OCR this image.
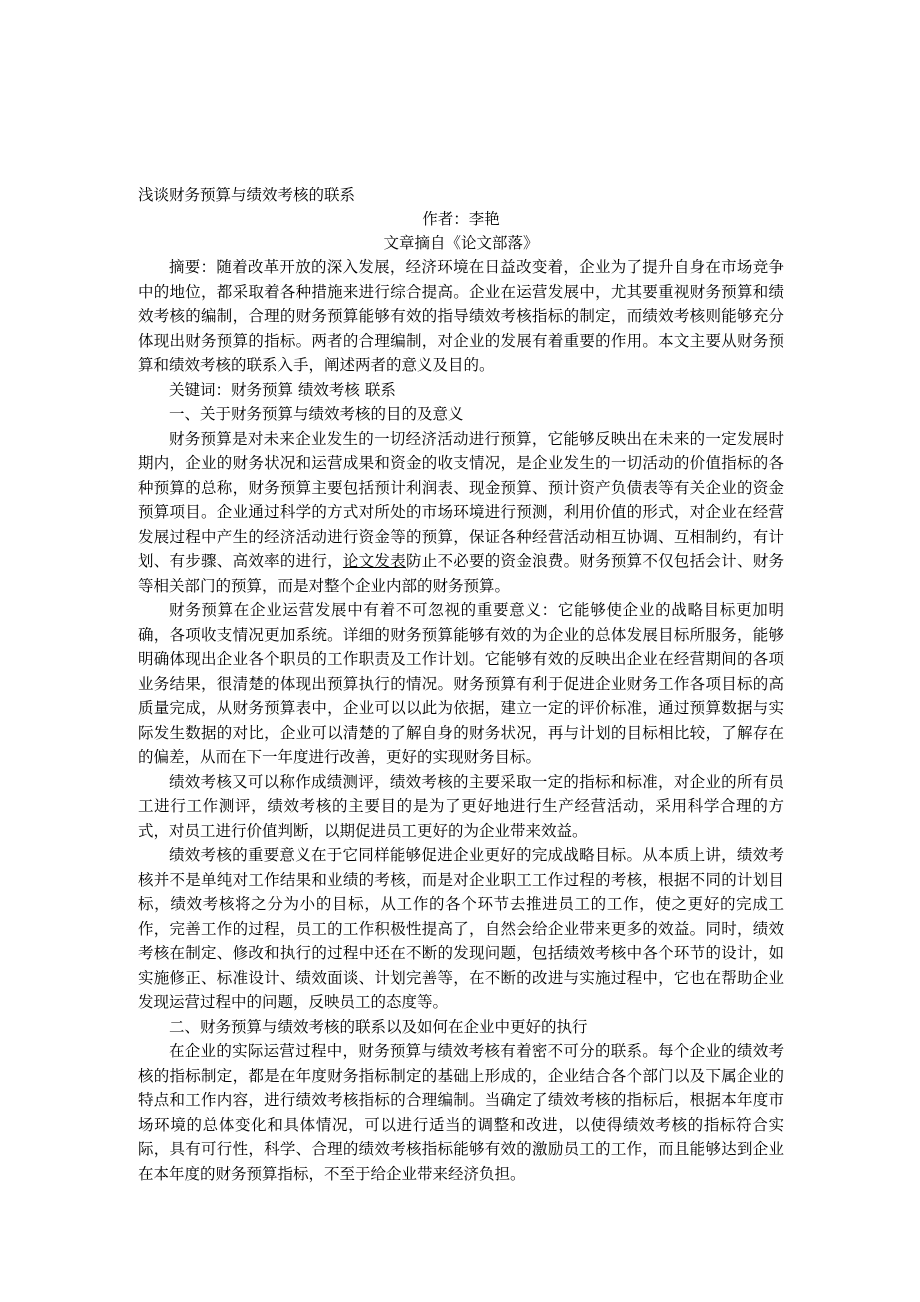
浅谈财务预算与绩效考核的联系

作者：李艳

文章摘自《论文部落》

摘要：随着改革开放的深入发展，经济环境在日益改变着，企业为了提升自身在市场竞争中的地位，都采取着各种措施来进行综合提高。企业在运营发展中，尤其要重视财务预算和绩效考核的编制，合理的财务预算能够有效的指导绩效考核指标的制定，而绩效考核则能够充分体现出财务预算的指标。两者的合理编制，对企业的发展有着重要的作用。本文主要从财务预算和绩效考核的联系入手，阐述两者的意义及目的。

关键词：财务预算 绩效考核 联系

一、关于财务预算与绩效考核的目的及意义

财务预算是对未来企业发生的一切经济活动进行预算，它能够反映出在未来的一定发展时期内，企业的财务状况和运营成果和资金的收支情况，是企业发生的一切活动的价值指标的各种预算的总称，财务预算主要包括预计利润表、现金预算、预计资产负债表等有关企业的资金预算项目。企业通过科学的方式对所处的市场环境进行预测，利用价值的形式，对企业在经营发展过程中产生的经济活动进行资金等的预算，保证各种经营活动相互协调、互相制约，有计划、有步骤、高效率的进行，论文发表防止不必要的资金浪费。财务预算不仅包括会计、财务等相关部门的预算，而是对整个企业内部的财务预算。

财务预算在企业运营发展中有着不可忽视的重要意义：它能够使企业的战略目标更加明确，各项收支情况更加系统。详细的财务预算能够有效的为企业的总体发展目标所服务，能够明确体现出企业各个职员的工作职责及工作计划。它能够有效的反映出企业在经营期间的各项业务结果，很清楚的体现出预算执行的情况。财务预算有利于促进企业财务工作各项目标的高质量完成，从财务预算表中，企业可以以此为依据，建立一定的评价标准，通过预算数据与实际发生数据的对比，企业可以清楚的了解自身的财务状况，再与计划的目标相比较，了解存在的偏差，从而在下一年度进行改善，更好的实现财务目标。

绩效考核又可以称作成绩测评，绩效考核的主要采取一定的指标和标准，对企业的所有员工进行工作测评，绩效考核的主要目的是为了更好地进行生产经营活动，采用科学合理的方式，对员工进行价值判断，以期促进员工更好的为企业带来效益。

绩效考核的重要意义在于它同样能够促进企业更好的完成战略目标。从本质上讲，绩效考核并不是单纯对工作结果和业绩的考核，而是对企业职工工作过程的考核，根据不同的计划目标，绩效考核将之分为小的目标，从工作的各个环节去推进员工的工作，使之更好的完成工作，完善工作的过程，员工的工作积极性提高了，自然会给企业带来更多的效益。同时，绩效考核在制定、修改和执行的过程中还在不断的发现问题，包括绩效考核中各个环节的设计，如实施修正、标准设计、绩效面谈、计划完善等，在不断的改进与实施过程中，它也在帮助企业发现运营过程中的问题，反映员工的态度等。

二、财务预算与绩效考核的联系以及如何在企业中更好的执行

在企业的实际运营过程中，财务预算与绩效考核有着密不可分的联系。每个企业的绩效考核的指标制定，都是在年度财务指标制定的基础上形成的，企业结合各个部门以及下属企业的特点和工作内容，进行绩效考核指标的合理编制。当确定了绩效考核的指标后，根据本年度市场环境的总体变化和具体情况，可以进行适当的调整和改进，以使得绩效考核的指标符合实际，具有可行性，科学、合理的绩效考核指标能够有效的激励员工的工作，而且能够达到企业在本年度的财务预算指标，不至于给企业带来经济负担。
